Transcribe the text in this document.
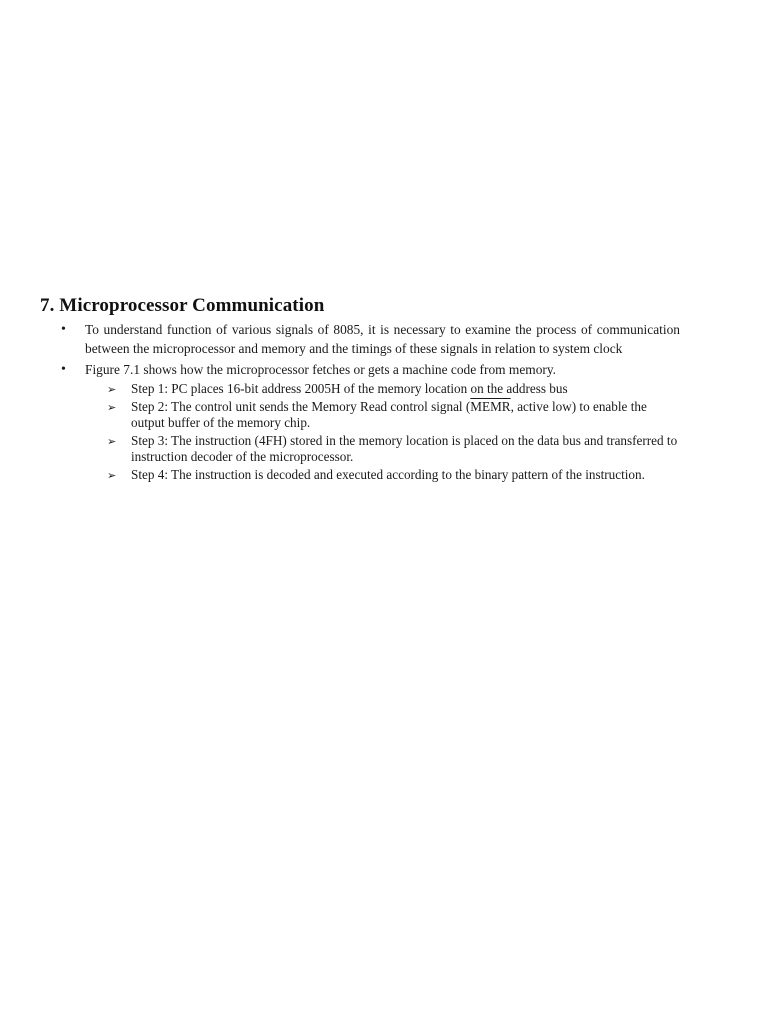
7. Microprocessor Communication
• To understand function of various signals of 8085, it is necessary to examine the process of communication between the microprocessor and memory and the timings of these signals in relation to system clock
• Figure 7.1 shows how the microprocessor fetches or gets a machine code from memory.
➢ Step 1: PC places 16-bit address 2005H of the memory location on the address bus
➢ Step 2: The control unit sends the Memory Read control signal (MEMR, active low) to enable the output buffer of the memory chip.
➢ Step 3: The instruction (4FH) stored in the memory location is placed on the data bus and transferred to instruction decoder of the microprocessor.
➢ Step 4: The instruction is decoded and executed according to the binary pattern of the instruction.
